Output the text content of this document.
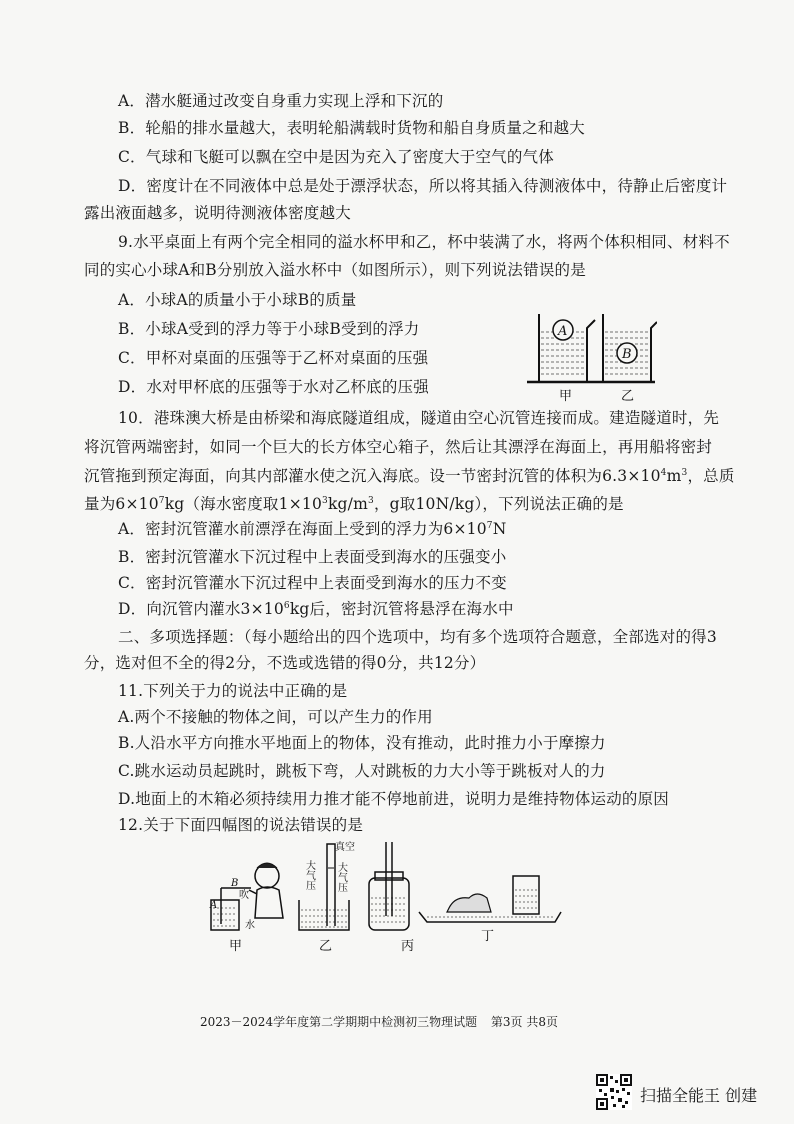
A．潜水艇通过改变自身重力实现上浮和下沉的
B．轮船的排水量越大，表明轮船满载时货物和船自身质量之和越大
C．气球和飞艇可以飘在空中是因为充入了密度大于空气的气体
D．密度计在不同液体中总是处于漂浮状态，所以将其插入待测液体中，待静止后密度计
露出液面越多，说明待测液体密度越大
9.水平桌面上有两个完全相同的溢水杯甲和乙，杯中装满了水，将两个体积相同、材料不
同的实心小球A和B分别放入溢水杯中（如图所示），则下列说法错误的是
A．小球A的质量小于小球B的质量
B．小球A受到的浮力等于小球B受到的浮力
C．甲杯对桌面的压强等于乙杯对桌面的压强
D．水对甲杯底的压强等于水对乙杯底的压强
A
B
甲	乙
10．港珠澳大桥是由桥梁和海底隧道组成，隧道由空心沉管连接而成。建造隧道时，先
将沉管两端密封，如同一个巨大的长方体空心箱子，然后让其漂浮在海面上，再用船将密封
沉管拖到预定海面，向其内部灌水使之沉入海底。设一节密封沉管的体积为$6.3\times 10^4m^3$，总质
量为$6\times 10^7kg$（海水密度取$1\times 10^3kg/m^3$，g取10N/kg），下列说法正确的是
A．密封沉管灌水前漂浮在海面上受到的浮力为$6\times 10^7N$
B．密封沉管灌水下沉过程中上表面受到海水的压强变小
C．密封沉管灌水下沉过程中上表面受到海水的压力不变
D．向沉管内灌水$3\times 10^6kg$后，密封沉管将悬浮在海水中
二、多项选择题：（每小题给出的四个选项中，均有多个选项符合题意，全部选对的得3
分，选对但不全的得2分，不选或选错的得0分，共12分）
11.下列关于力的说法中正确的是
A.两个不接触的物体之间，可以产生力的作用
B.人沿水平方向推水平地面上的物体，没有推动，此时推力小于摩擦力
C.跳水运动员起跳时，跳板下弯，人对跳板的力大小等于跳板对人的力
D.地面上的木箱必须持续用力推才能不停地前进，说明力是维持物体运动的原因
12.关于下面四幅图的说法错误的是
A
B
吹
水
甲
真空
大气压 大气压
乙	丙
丁
2023－2024学年度第二学期期中检测初三物理试题 第3页 共8页
扫描全能王 创建
